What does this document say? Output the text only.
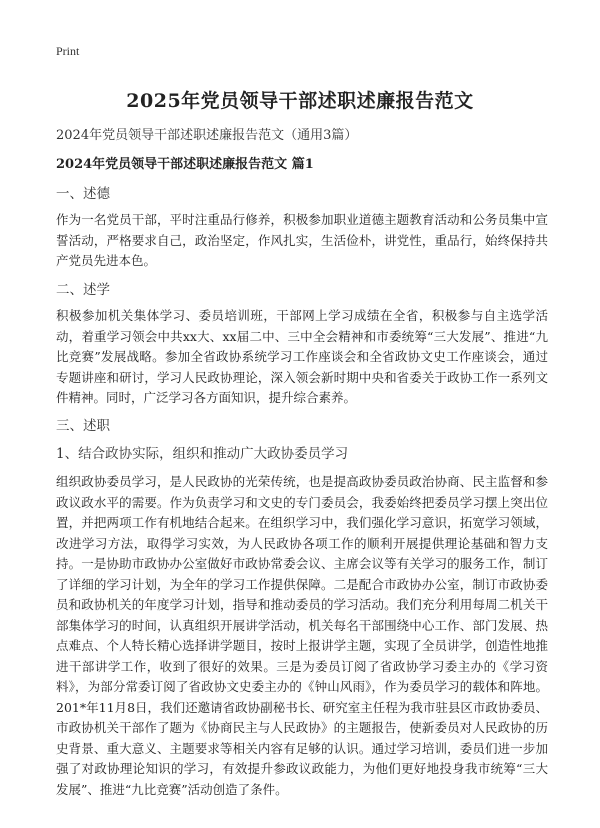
Print
2025年党员领导干部述职述廉报告范文
2024年党员领导干部述职述廉报告范文（通用3篇）
2024年党员领导干部述职述廉报告范文 篇1
一、述德
作为一名党员干部，平时注重品行修养，积极参加职业道德主题教育活动和公务员集中宣誓活动，严格要求自己，政治坚定，作风扎实，生活俭朴，讲党性，重品行，始终保持共产党员先进本色。
二、述学
积极参加机关集体学习、委员培训班，干部网上学习成绩在全省，积极参与自主选学活动，着重学习领会中共xx大、xx届二中、三中全会精神和市委统筹“三大发展”、推进“九比竞赛”发展战略。参加全省政协系统学习工作座谈会和全省政协文史工作座谈会，通过专题讲座和研讨，学习人民政协理论，深入领会新时期中央和省委关于政协工作一系列文件精神。同时，广泛学习各方面知识，提升综合素养。
三、述职
1、结合政协实际，组织和推动广大政协委员学习
组织政协委员学习，是人民政协的光荣传统，也是提高政协委员政治协商、民主监督和参政议政水平的需要。作为负责学习和文史的专门委员会，我委始终把委员学习摆上突出位置，并把两项工作有机地结合起来。在组织学习中，我们强化学习意识，拓宽学习领域，改进学习方法，取得学习实效，为人民政协各项工作的顺利开展提供理论基础和智力支持。一是协助市政协办公室做好市政协常委会议、主席会议等有关学习的服务工作，制订了详细的学习计划，为全年的学习工作提供保障。二是配合市政协办公室，制订市政协委员和政协机关的年度学习计划，指导和推动委员的学习活动。我们充分利用每周二机关干部集体学习的时间，认真组织开展讲学活动，机关每名干部围绕中心工作、部门发展、热点难点、个人特长精心选择讲学题目，按时上报讲学主题，实现了全员讲学，创造性地推进干部讲学工作，收到了很好的效果。三是为委员订阅了省政协学习委主办的《学习资料》，为部分常委订阅了省政协文史委主办的《钟山风雨》，作为委员学习的载体和阵地。201*年11月8日，我们还邀请省政协副秘书长、研究室主任程为我市驻县区市政协委员、市政协机关干部作了题为《协商民主与人民政协》的主题报告，使新委员对人民政协的历史背景、重大意义、主题要求等相关内容有足够的认识。通过学习培训，委员们进一步加强了对政协理论知识的学习，有效提升参政议政能力，为他们更好地投身我市统筹“三大发展”、推进“九比竞赛”活动创造了条件。
